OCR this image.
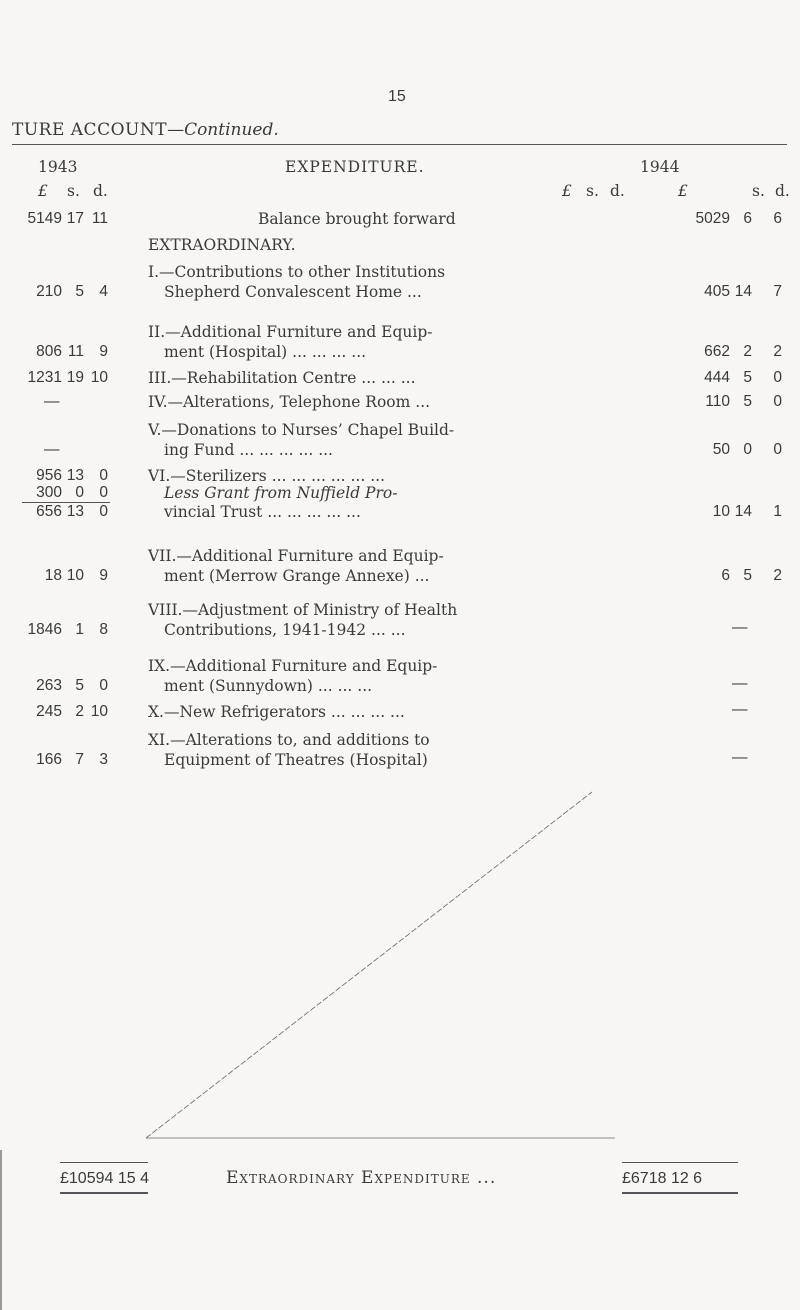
15
TURE ACCOUNT—Continued.
1943	EXPENDITURE.	1944
£ s. d.	£ s. d.	£	s. d.
5149 17 11	Balance brought forward	5029 6	6
EXTRAORDINARY.
I.—Contributions to other Institutions
Shepherd Convalescent Home ...
210 5 4	405 14	7
II.—Additional Furniture and Equip-
ment (Hospital) ... ... ... ...
806 11 9	662 2	2
1231 19 10	III.—Rehabilitation Centre ... ... ...	444 5	0
—	IV.—Alterations, Telephone Room ...	110 5	0
V.—Donations to Nurses’ Chapel Build-
ing Fund ... ... ... ... ...
—	50 0	0
956 13 0	VI.—Sterilizers ... ... ... ... ... ...
300 0 0	Less Grant from Nuffield Pro-
656 13 0	vincial Trust ... ... ... ... ...	10 14	1
VII.—Additional Furniture and Equip-
ment (Merrow Grange Annexe) ...
18 10 9	6 5	2
VIII.—Adjustment of Ministry of Health
Contributions, 1941-1942 ... ...
1846 1 8	—
IX.—Additional Furniture and Equip-
ment (Sunnydown) ... ... ...
263 5 0	—
245 2 10	X.—New Refrigerators ... ... ... ...	—
XI.—Alterations to, and additions to
Equipment of Theatres (Hospital)
166 7 3	—
£10594 15 4	Extraordinary Expenditure ...	£6718 12 6
